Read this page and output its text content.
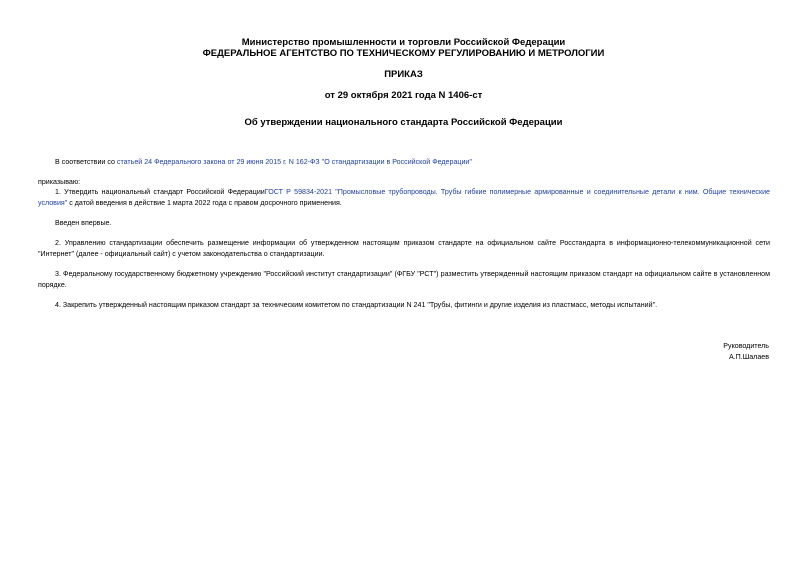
Министерство промышленности и торговли Российской Федерации
ФЕДЕРАЛЬНОЕ АГЕНТСТВО ПО ТЕХНИЧЕСКОМУ РЕГУЛИРОВАНИЮ И МЕТРОЛОГИИ
ПРИКАЗ
от 29 октября 2021 года N 1406-ст
Об утверждении национального стандарта Российской Федерации
В соответствии со статьей 24 Федерального закона от 29 июня 2015 г. N 162-ФЗ "О стандартизации в Российской Федерации"
приказываю:
1. Утвердить национальный стандарт Российской ФедерацииГОСТ Р 59834-2021 "Промысловые трубопроводы. Трубы гибкие полимерные армированные и соединительные детали к ним. Общие технические условия" с датой введения в действие 1 марта 2022 года с правом досрочного применения.
Введен впервые.
2. Управлению стандартизации обеспечить размещение информации об утвержденном настоящим приказом стандарте на официальном сайте Росстандарта в информационно-телекоммуникационной сети "Интернет" (далее - официальный сайт) с учетом законодательства о стандартизации.
3. Федеральному государственному бюджетному учреждению "Российский институт стандартизации" (ФГБУ "РСТ") разместить утвержденный настоящим приказом стандарт на официальном сайте в установленном порядке.
4. Закрепить утвержденный настоящим приказом стандарт за техническим комитетом по стандартизации N 241 "Трубы, фитинги и другие изделия из пластмасс, методы испытаний".
Руководитель
А.П.Шалаев
